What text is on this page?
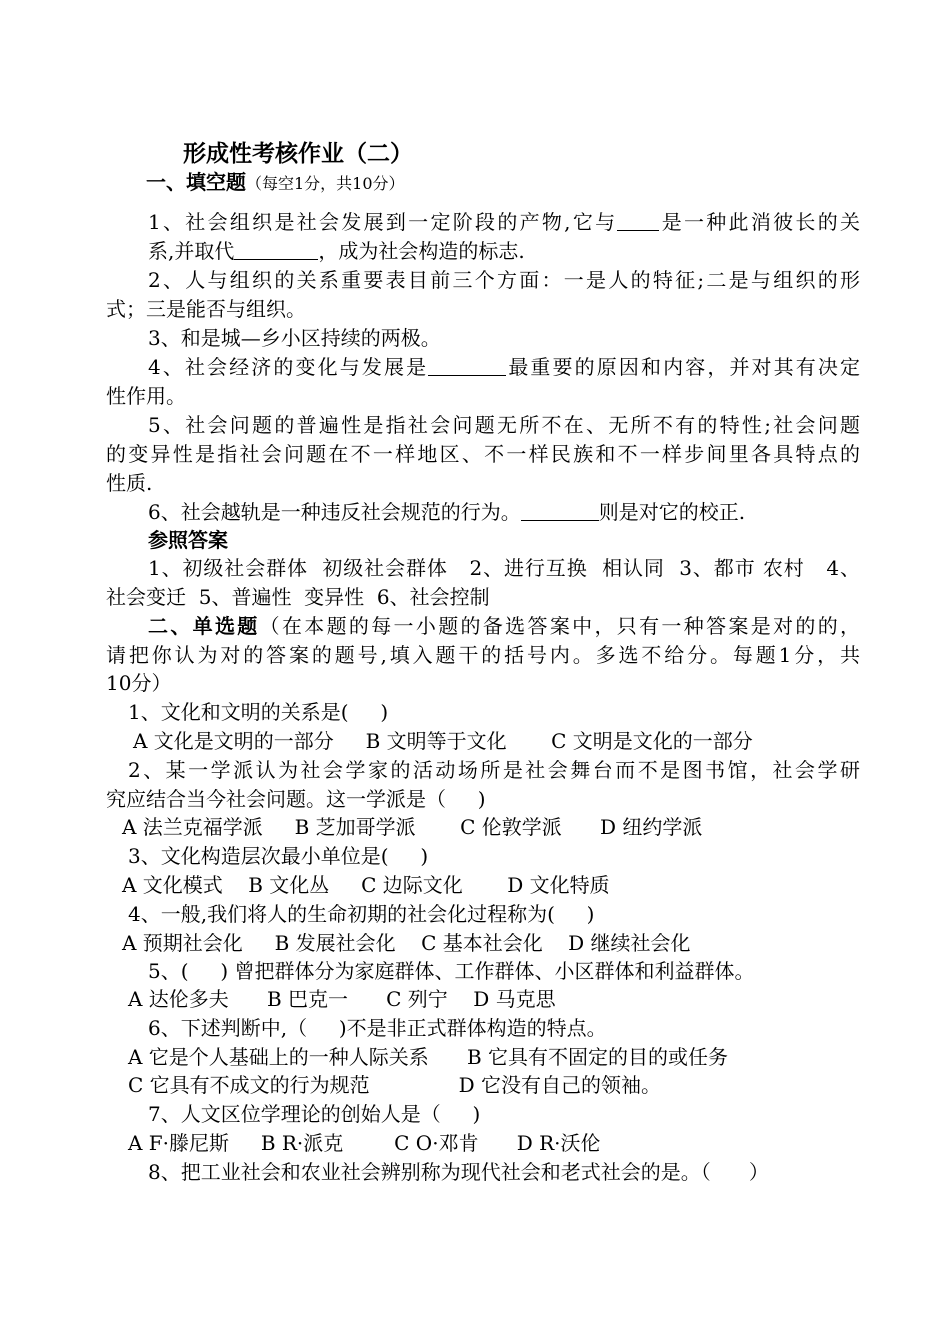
形成性考核作业（二）
一、填空题（每空1分，共10分）
1、社会组织是社会发展到一定阶段的产物,它与 是一种此消彼长的关
系,并取代	，成为社会构造的标志.
2、人与组织的关系重要表目前三个方面：一是人的特征;二是与组织的形
式；三是能否与组织。
3、和是城—乡小区持续的两极。
4、社会经济的变化与发展是	最重要的原因和内容，并对其有决定
性作用。
5、社会问题的普遍性是指社会问题无所不在、无所不有的特性;社会问题
的变异性是指社会问题在不一样地区、不一样民族和不一样步间里各具特点的
性质.
6、社会越轨是一种违反社会规范的行为。	则是对它的校正.
参照答案
1、初级社会群体  初级社会群体   2、进行互换  相认同  3、都市 农村   4、
社会变迁  5、普遍性  变异性  6、社会控制
二、单选题（在本题的每一小题的备选答案中，只有一种答案是对的的，
请把你认为对的答案的题号,填入题干的括号内。多选不给分。每题1分，共
10分）
1、文化和文明的关系是(     )
A 文化是文明的一部分     B 文明等于文化       C 文明是文化的一部分
2、某一学派认为社会学家的活动场所是社会舞台而不是图书馆，社会学研
究应结合当今社会问题。这一学派是（     )
A 法兰克福学派     B 芝加哥学派       C 伦敦学派      D 纽约学派
3、文化构造层次最小单位是(     )
A 文化模式    B 文化丛     C 边际文化       D 文化特质
4、一般,我们将人的生命初期的社会化过程称为(     )
A 预期社会化     B 发展社会化    C 基本社会化    D 继续社会化
5、(     ) 曾把群体分为家庭群体、工作群体、小区群体和利益群体。
A 达伦多夫      B 巴克一      C 列宁    D 马克思
6、下述判断中,（     )不是非正式群体构造的特点。
A 它是个人基础上的一种人际关系      B 它具有不固定的目的或任务
C 它具有不成文的行为规范              D 它没有自己的领袖。
7、人文区位学理论的创始人是（     )
A F·滕尼斯     B R·派克        C O·邓肯      D R·沃伦
8、把工业社会和农业社会辨别称为现代社会和老式社会的是。（      ）
